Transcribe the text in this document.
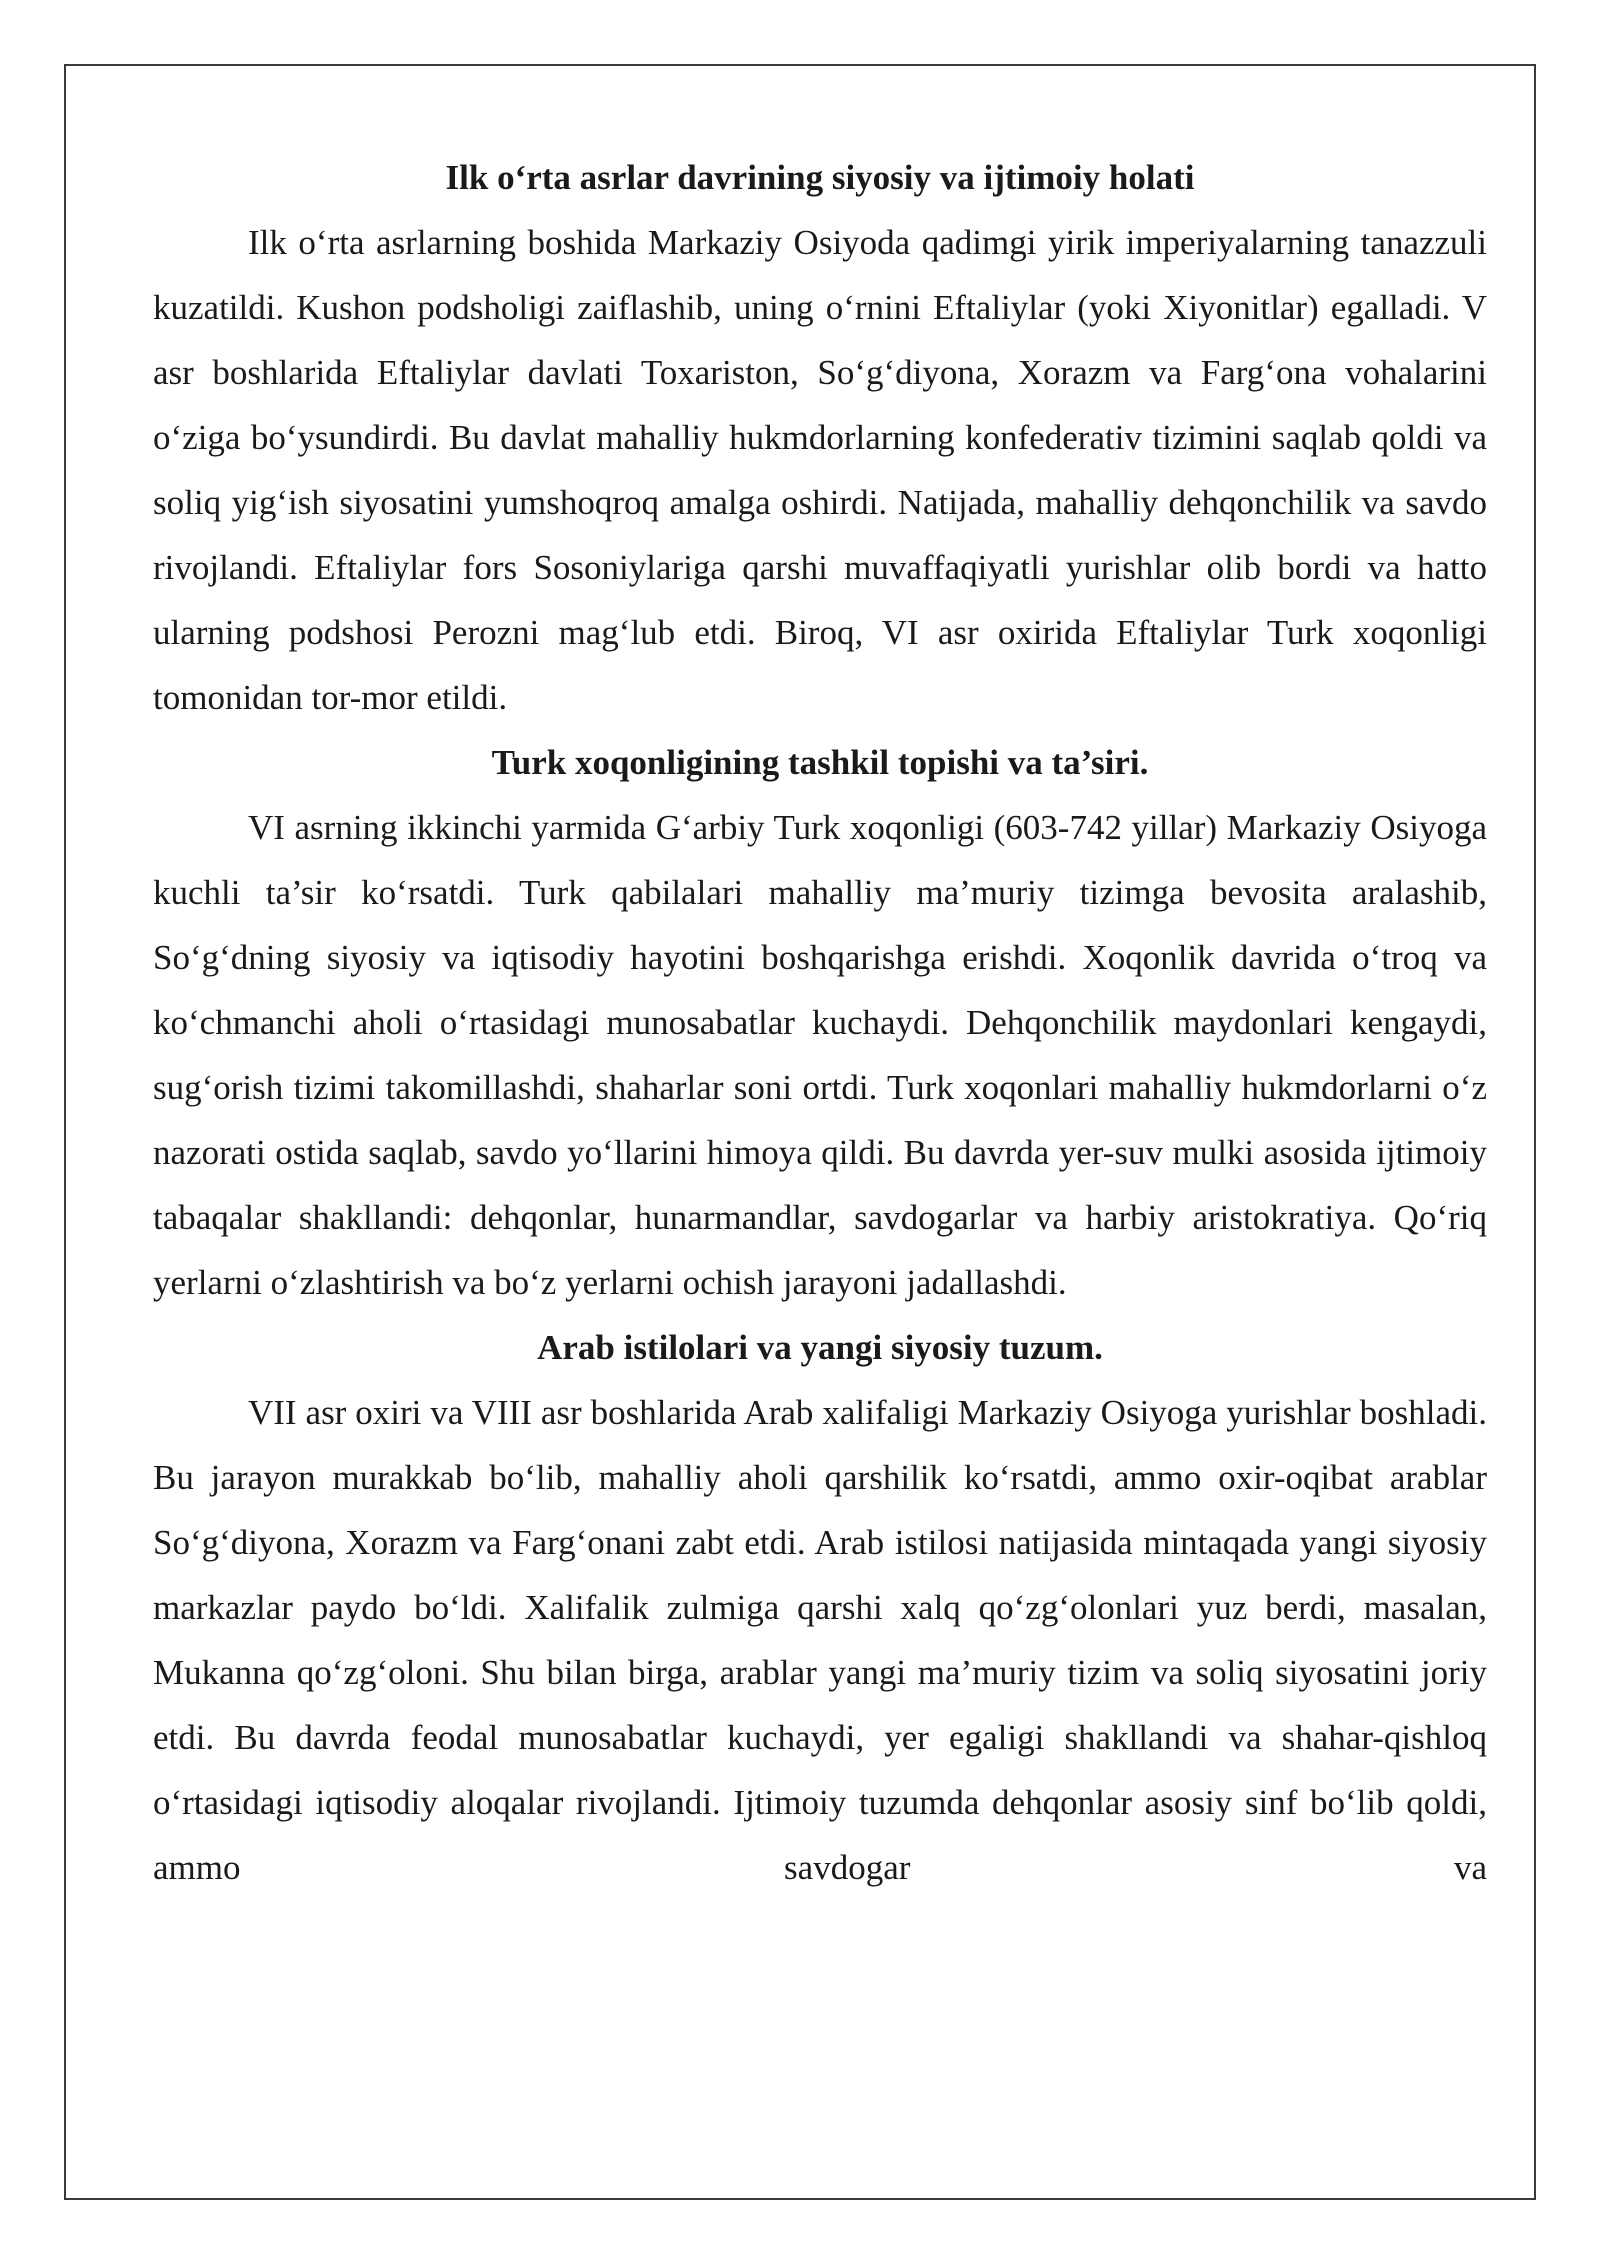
Ilk o‘rta asrlar davrining siyosiy va ijtimoiy holati

Ilk o‘rta asrlarning boshida Markaziy Osiyoda qadimgi yirik imperiyalarning tanazzuli kuzatildi. Kushon podsholigi zaiflashib, uning o‘rnini Eftaliylar (yoki Xiyonitlar) egalladi. V asr boshlarida Eftaliylar davlati Toxariston, So‘g‘diyona, Xorazm va Farg‘ona vohalarini o‘ziga bo‘ysundirdi. Bu davlat mahalliy hukmdorlarning konfederativ tizimini saqlab qoldi va soliq yig‘ish siyosatini yumshoqroq amalga oshirdi. Natijada, mahalliy dehqonchilik va savdo rivojlandi. Eftaliylar fors Sosoniylariga qarshi muvaffaqiyatli yurishlar olib bordi va hatto ularning podshosi Perozni mag‘lub etdi. Biroq, VI asr oxirida Eftaliylar Turk xoqonligi tomonidan tor-mor etildi.

Turk xoqonligining tashkil topishi va ta’siri.

VI asrning ikkinchi yarmida G‘arbiy Turk xoqonligi (603-742 yillar) Markaziy Osiyoga kuchli ta’sir ko‘rsatdi. Turk qabilalari mahalliy ma’muriy tizimga bevosita aralashib, So‘g‘dning siyosiy va iqtisodiy hayotini boshqarishga erishdi. Xoqonlik davrida o‘troq va ko‘chmanchi aholi o‘rtasidagi munosabatlar kuchaydi. Dehqonchilik maydonlari kengaydi, sug‘orish tizimi takomillashdi, shaharlar soni ortdi. Turk xoqonlari mahalliy hukmdorlarni o‘z nazorati ostida saqlab, savdo yo‘llarini himoya qildi. Bu davrda yer-suv mulki asosida ijtimoiy tabaqalar shakllandi: dehqonlar, hunarmandlar, savdogarlar va harbiy aristokratiya. Qo‘riq yerlarni o‘zlashtirish va bo‘z yerlarni ochish jarayoni jadallashdi.

Arab istilolari va yangi siyosiy tuzum.

VII asr oxiri va VIII asr boshlarida Arab xalifaligi Markaziy Osiyoga yurishlar boshladi. Bu jarayon murakkab bo‘lib, mahalliy aholi qarshilik ko‘rsatdi, ammo oxir-oqibat arablar So‘g‘diyona, Xorazm va Farg‘onani zabt etdi. Arab istilosi natijasida mintaqada yangi siyosiy markazlar paydo bo‘ldi. Xalifalik zulmiga qarshi xalq qo‘zg‘olonlari yuz berdi, masalan, Mukanna qo‘zg‘oloni. Shu bilan birga, arablar yangi ma’muriy tizim va soliq siyosatini joriy etdi. Bu davrda feodal munosabatlar kuchaydi, yer egaligi shakllandi va shahar-qishloq o‘rtasidagi iqtisodiy aloqalar rivojlandi. Ijtimoiy tuzumda dehqonlar asosiy sinf bo‘lib qoldi, ammo savdogar va
